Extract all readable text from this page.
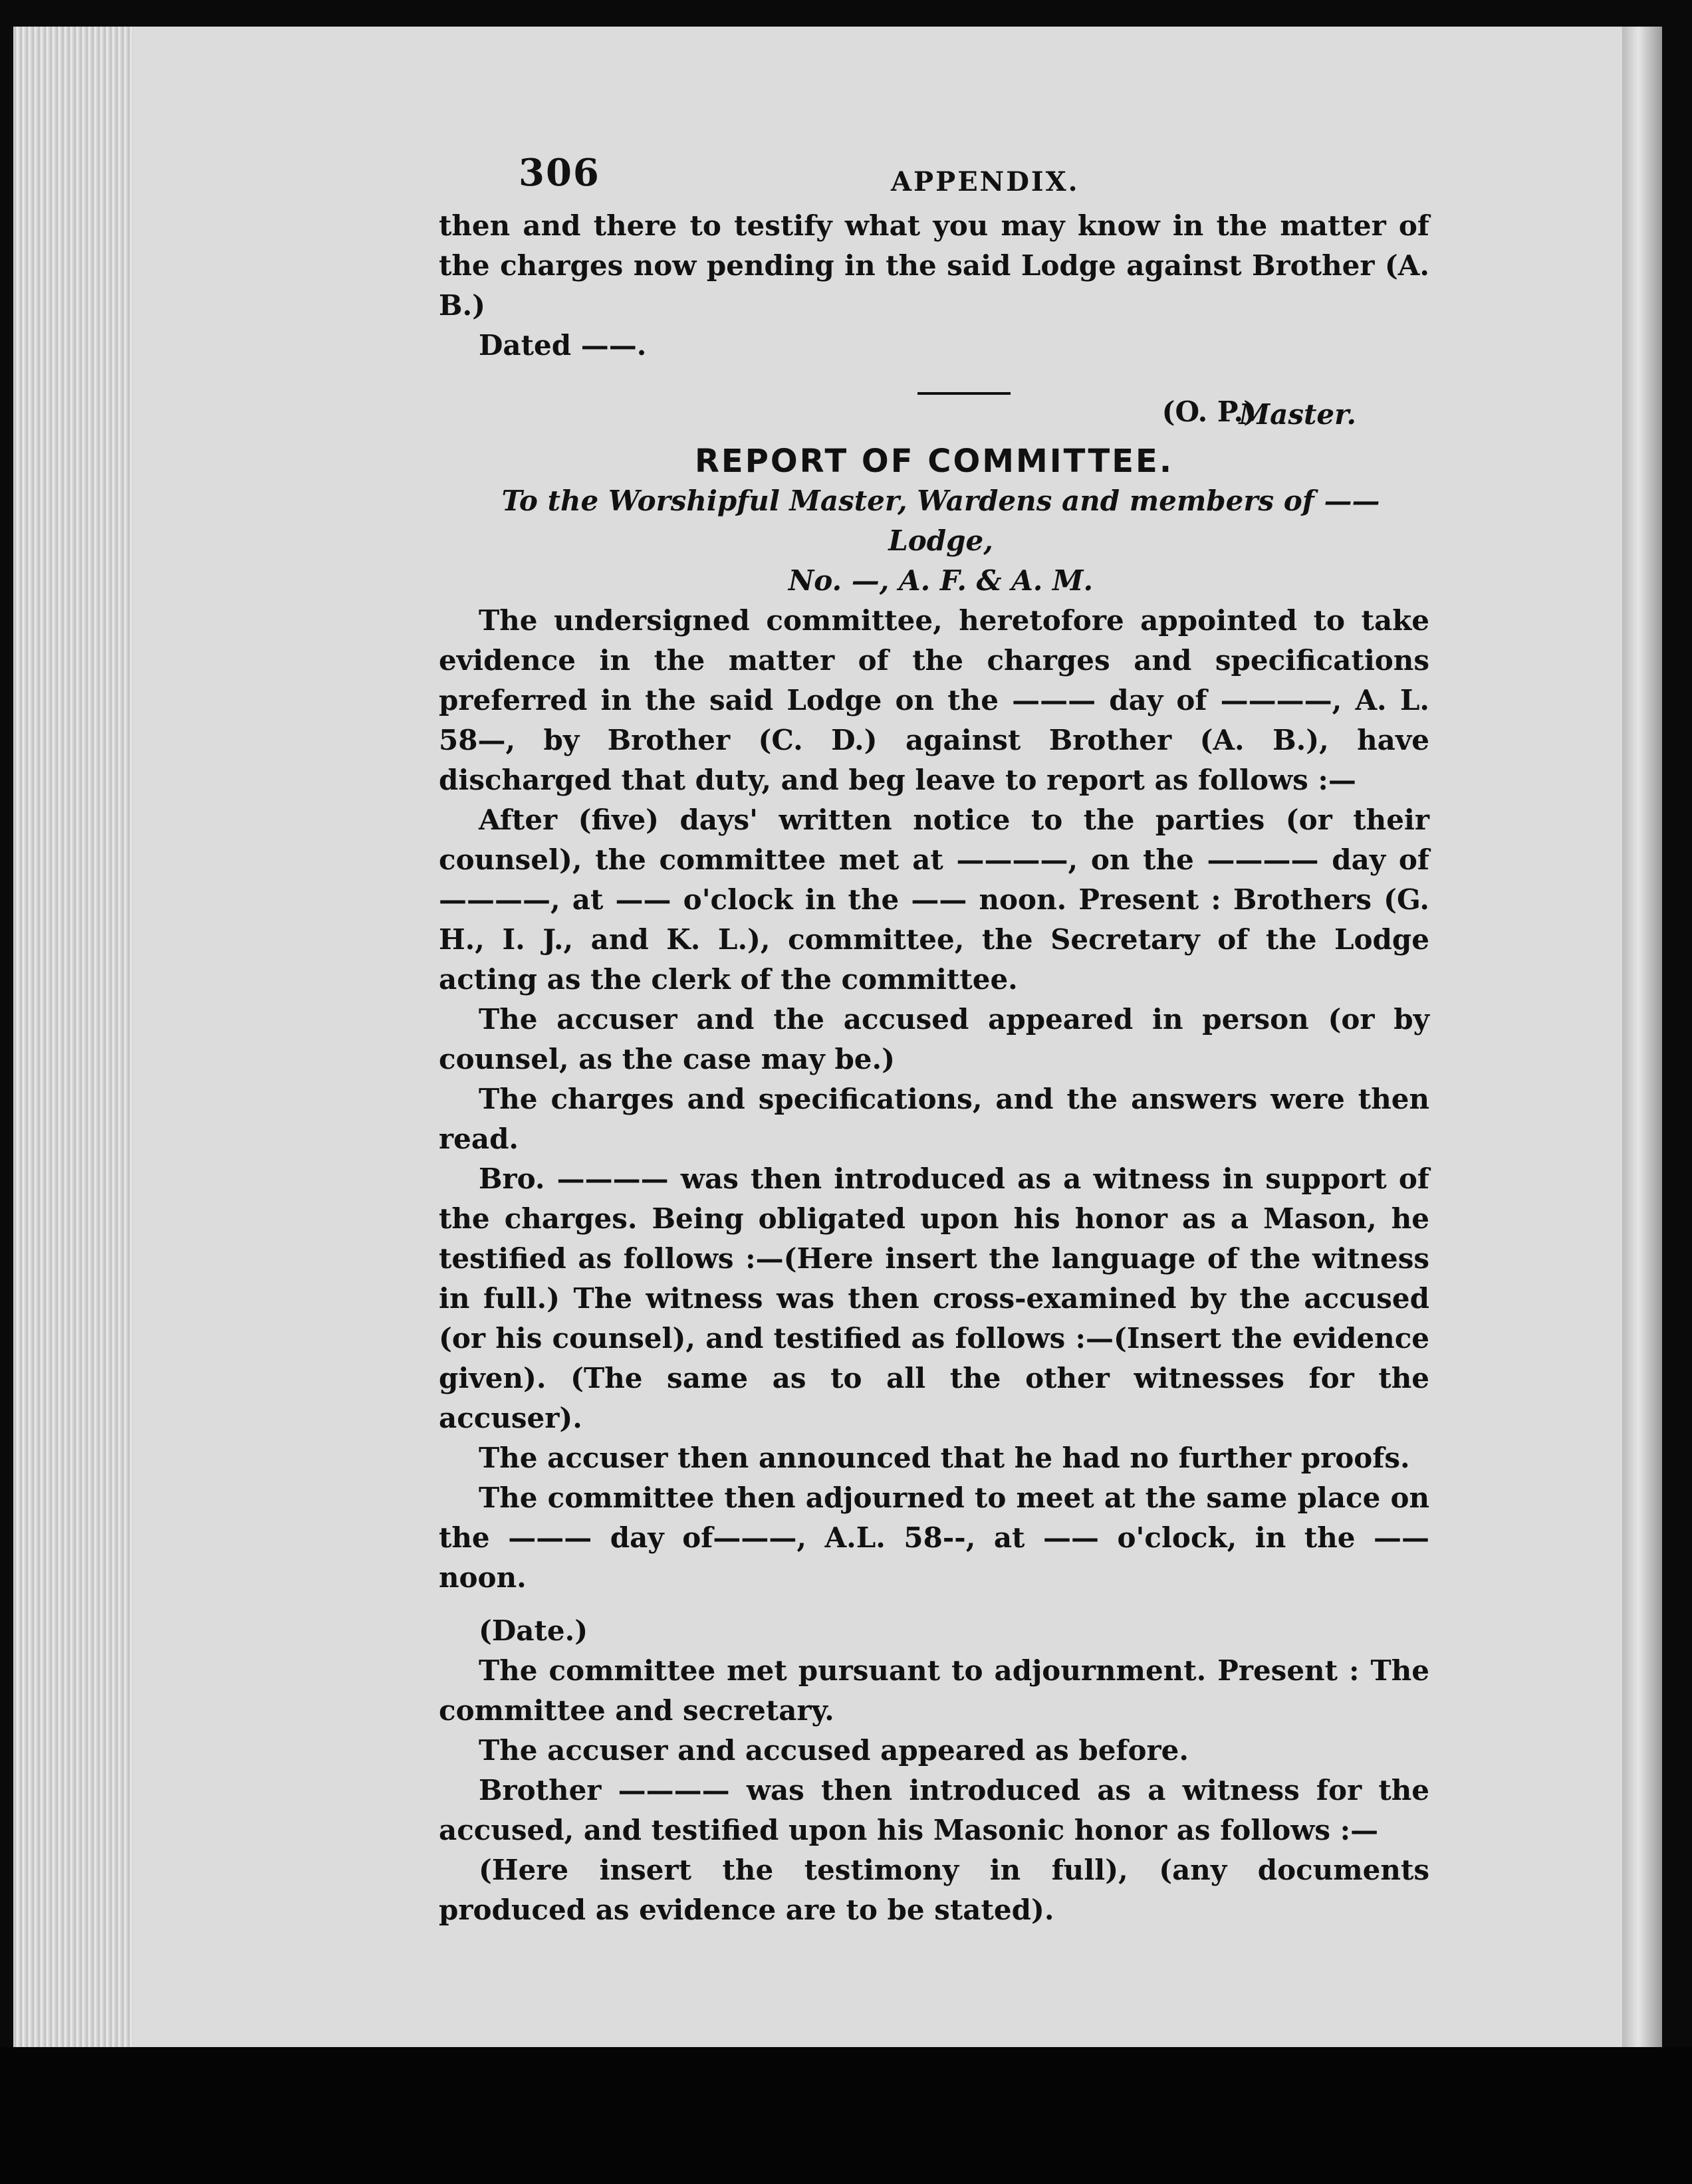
306	APPENDIX.

then and there to testify what you may know in the matter of the charges now pending in the said Lodge against Brother (A. B.)

Dated ——.

(O. P.)

Master.

REPORT OF COMMITTEE.

To the Worshipful Master, Wardens and members of —— Lodge,

No. —, A. F. & A. M.

The undersigned committee, heretofore appointed to take evidence in the matter of the charges and specifications preferred in the said Lodge on the ——— day of ————, A. L. 58—, by Brother (C. D.) against Brother (A. B.), have discharged that duty, and beg leave to report as follows :—

After (five) days' written notice to the parties (or their counsel), the committee met at ————, on the ———— day of ————, at —— o'clock in the —— noon. Present : Brothers (G. H., I. J., and K. L.), committee, the Secretary of the Lodge acting as the clerk of the committee.

The accuser and the accused appeared in person (or by counsel, as the case may be.)

The charges and specifications, and the answers were then read.

Bro. ———— was then introduced as a witness in support of the charges. Being obligated upon his honor as a Mason, he testified as follows :—(Here insert the language of the witness in full.) The witness was then cross-examined by the accused (or his counsel), and testified as follows :—(Insert the evidence given). (The same as to all the other witnesses for the accuser).

The accuser then announced that he had no further proofs.

The committee then adjourned to meet at the same place on the ——— day of———, A.L. 58--, at —— o'clock, in the —— noon.

(Date.)

The committee met pursuant to adjournment. Present : The committee and secretary.

The accuser and accused appeared as before.

Brother ———— was then introduced as a witness for the accused, and testified upon his Masonic honor as follows :—

(Here insert the testimony in full), (any documents produced as evidence are to be stated).
